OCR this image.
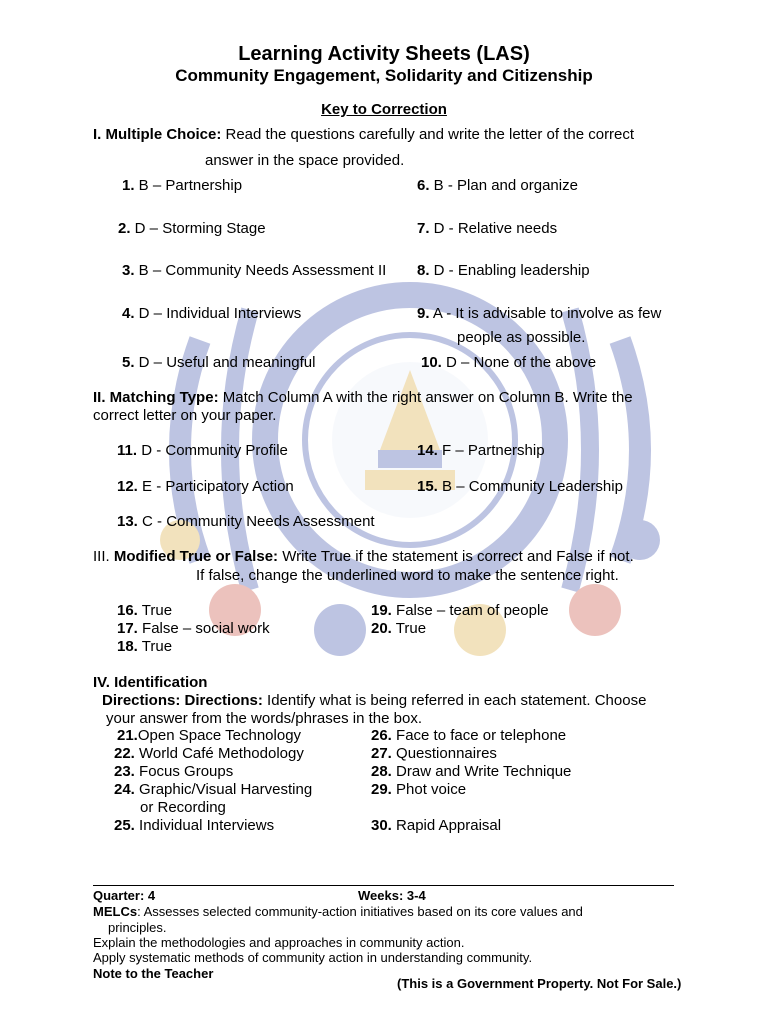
Learning Activity Sheets (LAS)
Community Engagement, Solidarity and Citizenship
Key to Correction
I. Multiple Choice: Read the questions carefully and write the letter of the correct
answer in the space provided.
1. B – Partnership
2. D – Storming Stage
3. B – Community Needs Assessment II
4. D – Individual Interviews
5. D – Useful and meaningful
6. B - Plan and organize
7. D - Relative needs
8. D - Enabling leadership
9. A - It is advisable to involve as few
people as possible.
10. D – None of the above
II. Matching Type: Match Column A with the right answer on Column B. Write the
correct letter on your paper.
11. D - Community Profile
12. E - Participatory Action
13. C - Community Needs Assessment
14. F – Partnership
15. B – Community Leadership
III. Modified True or False: Write True if the statement is correct and False if not.
If false, change the underlined word to make the sentence right.
16. True
17. False – social work
18. True
19. False – team of people
20. True
IV. Identification
Directions: Directions: Identify what is being referred in each statement. Choose
your answer from the words/phrases in the box.
21.Open Space Technology
22. World Café Methodology
23. Focus Groups
24. Graphic/Visual Harvesting
or Recording
25. Individual Interviews
26. Face to face or telephone
27. Questionnaires
28. Draw and Write Technique
29. Phot voice
30. Rapid Appraisal
Quarter: 4	Weeks: 3-4
MELCs: Assesses selected community-action initiatives based on its core values and
principles.
Explain the methodologies and approaches in community action.
Apply systematic methods of community action in understanding community.
Note to the Teacher
(This is a Government Property. Not For Sale.)
